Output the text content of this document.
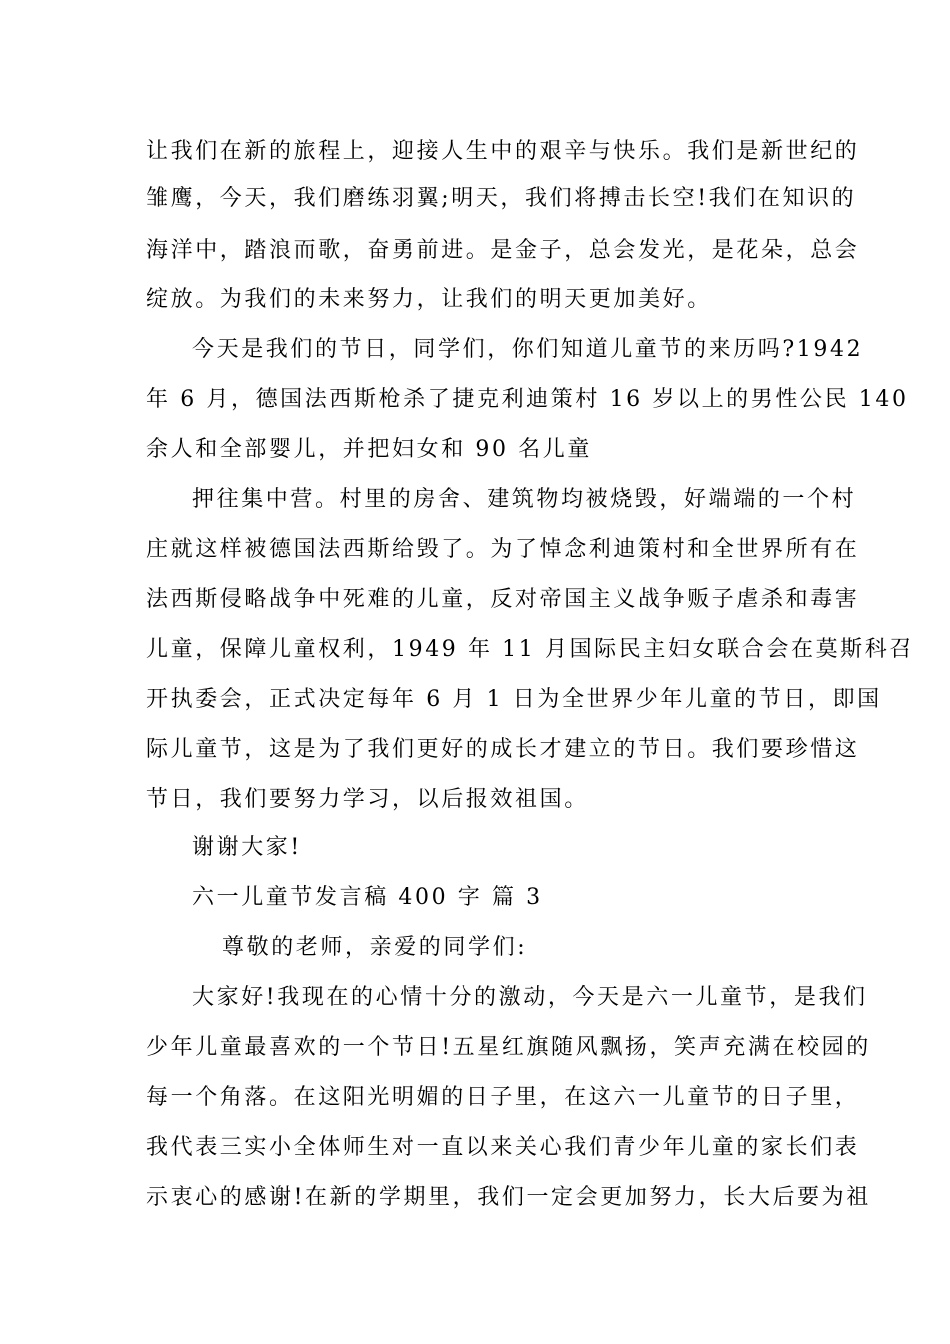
让我们在新的旅程上，迎接人生中的艰辛与快乐。我们是新世纪的

雏鹰，今天，我们磨练羽翼;明天，我们将搏击长空!我们在知识的

海洋中，踏浪而歌，奋勇前进。是金子，总会发光，是花朵，总会

绽放。为我们的未来努力，让我们的明天更加美好。

今天是我们的节日，同学们，你们知道儿童节的来历吗?1942

年 6 月，德国法西斯枪杀了捷克利迪策村 16 岁以上的男性公民 140

余人和全部婴儿，并把妇女和 90 名儿童

押往集中营。村里的房舍、建筑物均被烧毁，好端端的一个村

庄就这样被德国法西斯给毁了。为了悼念利迪策村和全世界所有在

法西斯侵略战争中死难的儿童，反对帝国主义战争贩子虐杀和毒害

儿童，保障儿童权利，1949 年 11 月国际民主妇女联合会在莫斯科召

开执委会，正式决定每年 6 月 1 日为全世界少年儿童的节日，即国

际儿童节，这是为了我们更好的成长才建立的节日。我们要珍惜这

节日，我们要努力学习，以后报效祖国。

谢谢大家!

六一儿童节发言稿 400 字 篇 3

尊敬的老师，亲爱的同学们:

大家好!我现在的心情十分的激动，今天是六一儿童节，是我们

少年儿童最喜欢的一个节日!五星红旗随风飘扬，笑声充满在校园的

每一个角落。在这阳光明媚的日子里，在这六一儿童节的日子里，

我代表三实小全体师生对一直以来关心我们青少年儿童的家长们表

示衷心的感谢!在新的学期里，我们一定会更加努力，长大后要为祖
